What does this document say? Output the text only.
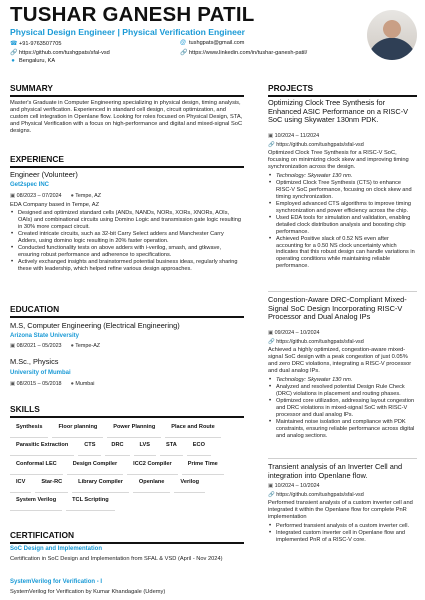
TUSHAR GANESH PATIL
Physical Design Engineer | Physical Verification Engineer
☎ +91-9763507705	@ tushgpats@gmail.com
🔗 https://github.com/tushgpats/sfal-vsd	🔗 https://www.linkedin.com/in/tushar-ganesh-patil/
● Bengaluru, KA
SUMMARY
Master's Graduate in Computer Engineering specializing in physical design, timing analysis, and physical verification. Experienced in standard cell design, circuit optimization, and custom cell integration in Openlane flow. Looking for roles focused on Physical Design, STA, and Physical Verification with a focus on high-performance and digital and mixed-signal SoC designs.
EXPERIENCE
Engineer (Volunteer)
Get2spec INC
▣ 08/2023 – 07/2024 ● Tempe, AZ
EDA Company based in Tempe, AZ
• Designed and optimized standard cells (ANDs, NANDs, NORs, XORs, XNORs, AOIs, OAIs) and combinational circuits using Domino Logic and transmission gate logic resulting in 30% more compact circuit.
• Created intricate circuits, such as 32-bit Carry Select adders and Manchester Carry Adders, using domino logic resulting in 20% faster operation.
• Conducted functionality tests on above adders with i-verilog, smash, and gtkwave, ensuring robust performance and adherence to specifications.
• Actively exchanged insights and brainstormed potential business ideas, regularly sharing these with leadership, which helped refine various design approaches.
EDUCATION
M.S, Computer Engineering (Electrical Engineering)
Arizona State University
▣ 08/2021 – 05/2023 ● Tempe-AZ
M.Sc., Physics
University of Mumbai
▣ 08/2015 – 05/2018 ● Mumbai
SKILLS
Synthesis	Floor planning	Power Planning	Place and Route
Parasitic Extraction	CTS	DRC	LVS	STA	ECO
Conformal LEC	Design Compiler	ICC2 Compiler	Prime Time
ICV	Star-RC	Library Compiler	Openlane	Verilog
System Verilog	TCL Scripting
CERTIFICATION
SoC Design and Implementation
Certification in SoC Design and Implementation from SFAL & VSD (April - Nov 2024)
SystemVerilog for Verification - I
SystemVerilog for Verification by Kumar Khandagale (Udemy)
PROJECTS
Optimizing Clock Tree Synthesis for Enhanced ASIC Performance on a RISC-V SoC using Skywater 130nm PDK.
▣ 10/2024 – 11/2024
🔗 https://github.com/tushgpats/sfal-vsd
Optimized Clock Tree Synthesis for a RISC-V SoC, focusing on minimizing clock skew and improving timing synchronization across the design.
• Technology: Skywater 130 nm.
• Optimized Clock Tree Synthesis (CTS) to enhance RISC-V SoC performance, focusing on clock skew and timing synchronization.
• Employed advanced CTS algorithms to improve timing synchronization and power efficiency across the chip.
• Used EDA tools for simulation and validation, enabling detailed clock distribution analysis and boosting chip performance.
• Achieved Positive slack of 0.52 NS even after accounting for a 0.50 NS clock uncertainty which indicates that this robust design can handle variations in operating conditions while maintaining reliable performance.
Congestion-Aware DRC-Compliant Mixed-Signal SoC Design Incorporating RISC-V Processor and Dual Analog IPs
▣ 09/2024 – 10/2024
🔗 https://github.com/tushgpats/sfal-vsd
Achieved a highly optimized, congestion-aware mixed-signal SoC design with a peak congestion of just 0.05% and zero DRC violations, integrating a RISC-V processor and dual analog IPs.
• Technology: Skywater 130 nm.
• Analyzed and resolved potential Design Rule Check (DRC) violations in placement and routing phases.
• Optimized core utilization, addressing layout congestion and DRC violations in mixed-signal SoC with RISC-V processor and dual analog IPs.
• Maintained noise isolation and compliance with PDK constraints, ensuring reliable performance across digital and analog sections.
Transient analysis of an Inverter Cell and integration into Openlane flow.
▣ 10/2024 – 10/2024
🔗 https://github.com/tushgpats/sfal-vsd
Performed transient analysis of a custom inverter cell and integrated it within the Openlane flow for complete PnR implementation
• Performed transient analysis of a custom inverter cell.
• Integrated custom inverter cell in Openlane flow and implemented PnR of a RISC-V core.
